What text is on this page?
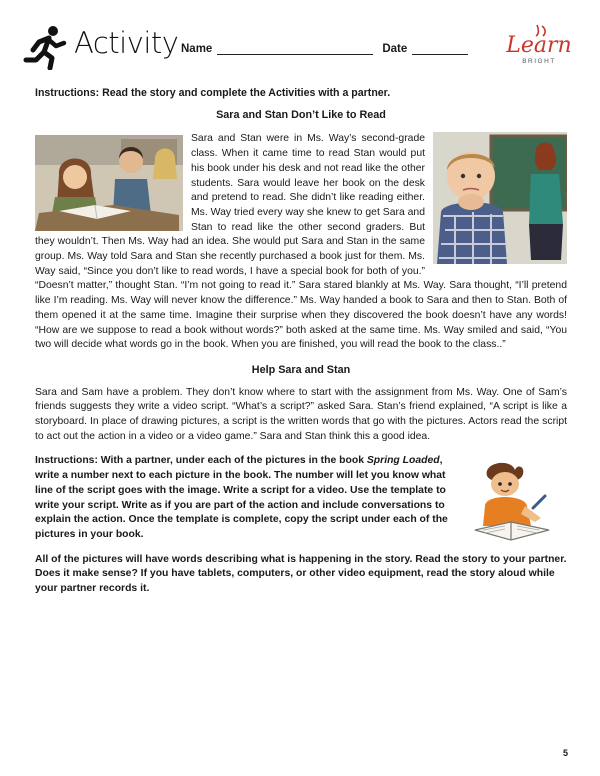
Activity Name	Date	Learn
BRIGHT

Instructions: Read the story and complete the Activities with a partner.

Sara and Stan Don’t Like to Read

Sara and Stan were in Ms. Way’s second-grade class. When it came time to read Stan would put his book under his desk and not read like the other students. Sara would leave her book on the desk and pretend to read. She didn’t like reading either. Ms. Way tried every way she knew to get Sara and Stan to read like the other second graders. But they wouldn’t. Then Ms. Way had an idea. She would put Sara and Stan in the same group. Ms. Way told Sara and Stan she recently purchased a book just for them. Ms. Way said, “Since you don’t like to read words, I have a special book for both of you.” “Doesn’t matter,” thought Stan. “I’m not going to read it.” Sara stared blankly at Ms. Way. Sara thought, “I’ll pretend like I’m reading. Ms. Way will never know the difference.” Ms. Way handed a book to Sara and then to Stan. Both of them opened it at the same time. Imagine their surprise when they discovered the book doesn’t have any words! “How are we suppose to read a book without words?” both asked at the same time. Ms. Way smiled and said, “You two will decide what words go in the book. When you are finished, you will read the book to the class..”

Help Sara and Stan

Sara and Sam have a problem. They don’t know where to start with the assignment from Ms. Way. One of Sam’s friends suggests they write a video script. “What’s a script?” asked Sara. Stan’s friend explained, “A script is like a storyboard. In place of drawing pictures, a script is the written words that go with the pictures. Actors read the script to act out the action in a video or a video game.” Sara and Stan think this a good idea.

Instructions: With a partner, under each of the pictures in the book Spring Loaded, write a number next to each picture in the book. The number will let you know what line of the script goes with the image. Write a script for a video. Use the template to write your script. Write as if you are part of the action and include conversations to explain the action. Once the template is complete, copy the script under each of the pictures in your book.

All of the pictures will have words describing what is happening in the story. Read the story to your partner. Does it make sense? If you have tablets, computers, or other video equipment, read the story aloud while your partner records it.

5
